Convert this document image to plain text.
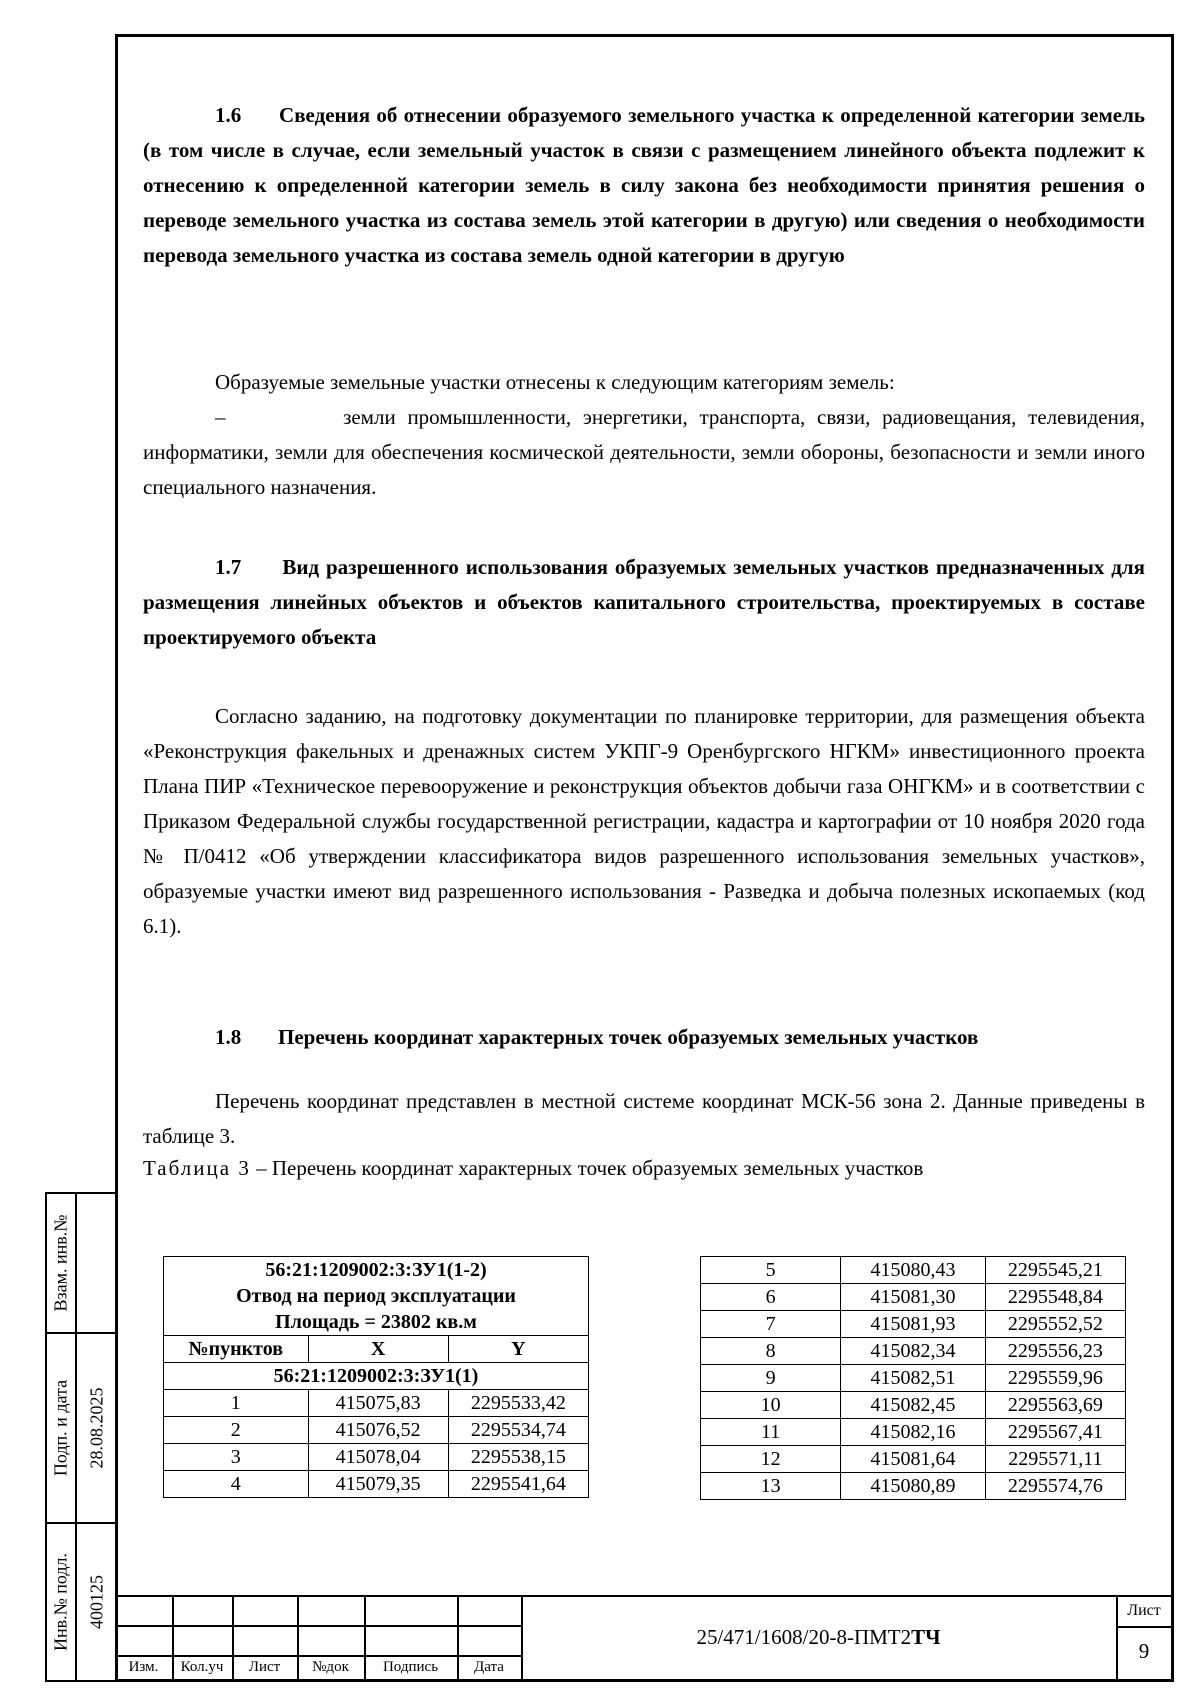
Взам. инв.№
Подп. и дата 28.08.2025
Инв.№ подл. 400125

1.6 Сведения об отнесении образуемого земельного участка к определенной категории земель (в том числе в случае, если земельный участок в связи с размещением линейного объекта подлежит к отнесению к определенной категории земель в силу закона без необходимости принятия решения о переводе земельного участка из состава земель этой категории в другую) или сведения о необходимости перевода земельного участка из состава земель одной категории в другую

Образуемые земельные участки отнесены к следующим категориям земель:

–	земли промышленности, энергетики, транспорта, связи, радиовещания, телевидения, информатики, земли для обеспечения космической деятельности, земли обороны, безопасности и земли иного специального назначения.

1.7 Вид разрешенного использования образуемых земельных участков предназначенных для размещения линейных объектов и объектов капитального строительства, проектируемых в составе проектируемого объекта

Согласно заданию, на подготовку документации по планировке территории, для размещения объекта «Реконструкция факельных и дренажных систем УКПГ-9 Оренбургского НГКМ» инвестиционного проекта Плана ПИР «Техническое перевооружение и реконструкция объектов добычи газа ОНГКМ» и в соответствии с Приказом Федеральной службы государственной регистрации, кадастра и картографии от 10 ноября 2020 года № П/0412 «Об утверждении классификатора видов разрешенного использования земельных участков», образуемые участки имеют вид разрешенного использования - Разведка и добыча полезных ископаемых (код 6.1).

1.8 Перечень координат характерных точек образуемых земельных участков

Перечень координат представлен в местной системе координат МСК-56 зона 2. Данные приведены в таблице 3.

Таблица 3 – Перечень координат характерных точек образуемых земельных участков
56:21:1209002:3:ЗУ1(1-2)		
Отвод на период эксплуатации		
Площадь = 23802 кв.м		
№пунктов	X	Y
56:21:1209002:3:ЗУ1(1)		
1	415075,83	2295533,42
2	415076,52	2295534,74
3	415078,04	2295538,15
4	415079,35	2295541,64
5	415080,43	2295545,21
6	415081,30	2295548,84
7	415081,93	2295552,52
8	415082,34	2295556,23
9	415082,51	2295559,96
10	415082,45	2295563,69
11	415082,16	2295567,41
12	415081,64	2295571,11
13	415080,89	2295574,76
Изм.	Кол.уч	Лист	№док	Подпись	Дата
25/471/1608/20-8-ПМТ2ТЧ
Лист
9
